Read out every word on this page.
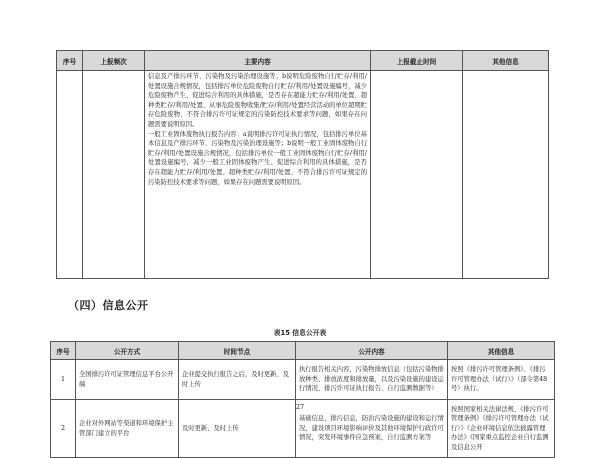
序号	上报频次	主要内容	上报截止时间	其他信息

		信息及产排污环节、污染物及污染治理设施等；b说明危险废物自行贮存/利用/处置设施合规情况，包括排污单位危险废物自行贮存/利用/处置设施编号，减少危险废物产生、促进综合利用的具体措施，是否存在超能力贮存/利用/处置、超种类贮存/利用/处置、从事危险废物收集/贮存/利用/处置经营活动的单位超期贮存危险废物、不符合排污许可证规定的污染防控技术要求等问题，如果存在问题需要说明原因。
一般工业固体废物执行报告内容：a说明排污许可证执行情况，包括排污单位基本信息及产排污环节、污染物及污染治理设施等；b说明一般工业固体废物自行贮存/利用/处置设施合规情况，包括排污单位一般工业固体废物自行贮存/利用/处置设施编号，减少一般工业固体废物产生、促进综合利用的具体措施，是否存在超能力贮存/利用/处置、超种类贮存/利用/处置、不符合排污许可证规定的污染防控技术要求等问题，如果存在问题需要说明原因。		

（四）信息公开
表15 信息公开表
序号	公开方式	时间节点	公开内容	其他信息
1	全国排污许可证管理信息平台公开端	企业提交执行报告之后，及时更新、及时上传	执行报告相关内容，污染物排放信息（包括污染物排放种类、排放浓度和排放量，以及污染设施的建设运行情况、排污许可证执行报告、自行监测数据等）	按照《排污许可管理条例》、《排污许可管理办法（试行）》（部令第48号）执行。
2	企业对外网站等渠道和环境保护主管部门建立的平台	及时更新、及时上传	基础信息，排污信息，防治污染设施的建设和运行情况，建设项目环境影响评价及其他环境保护行政许可情况，突发环境事件应急预案，自行监测方案等	按照国家相关法律法规、《排污许可管理条例》《排污许可管理办法（试行）》《企业环境信息依法披露管理办法》《国家重点监控企业自行监测及信息公开
27
